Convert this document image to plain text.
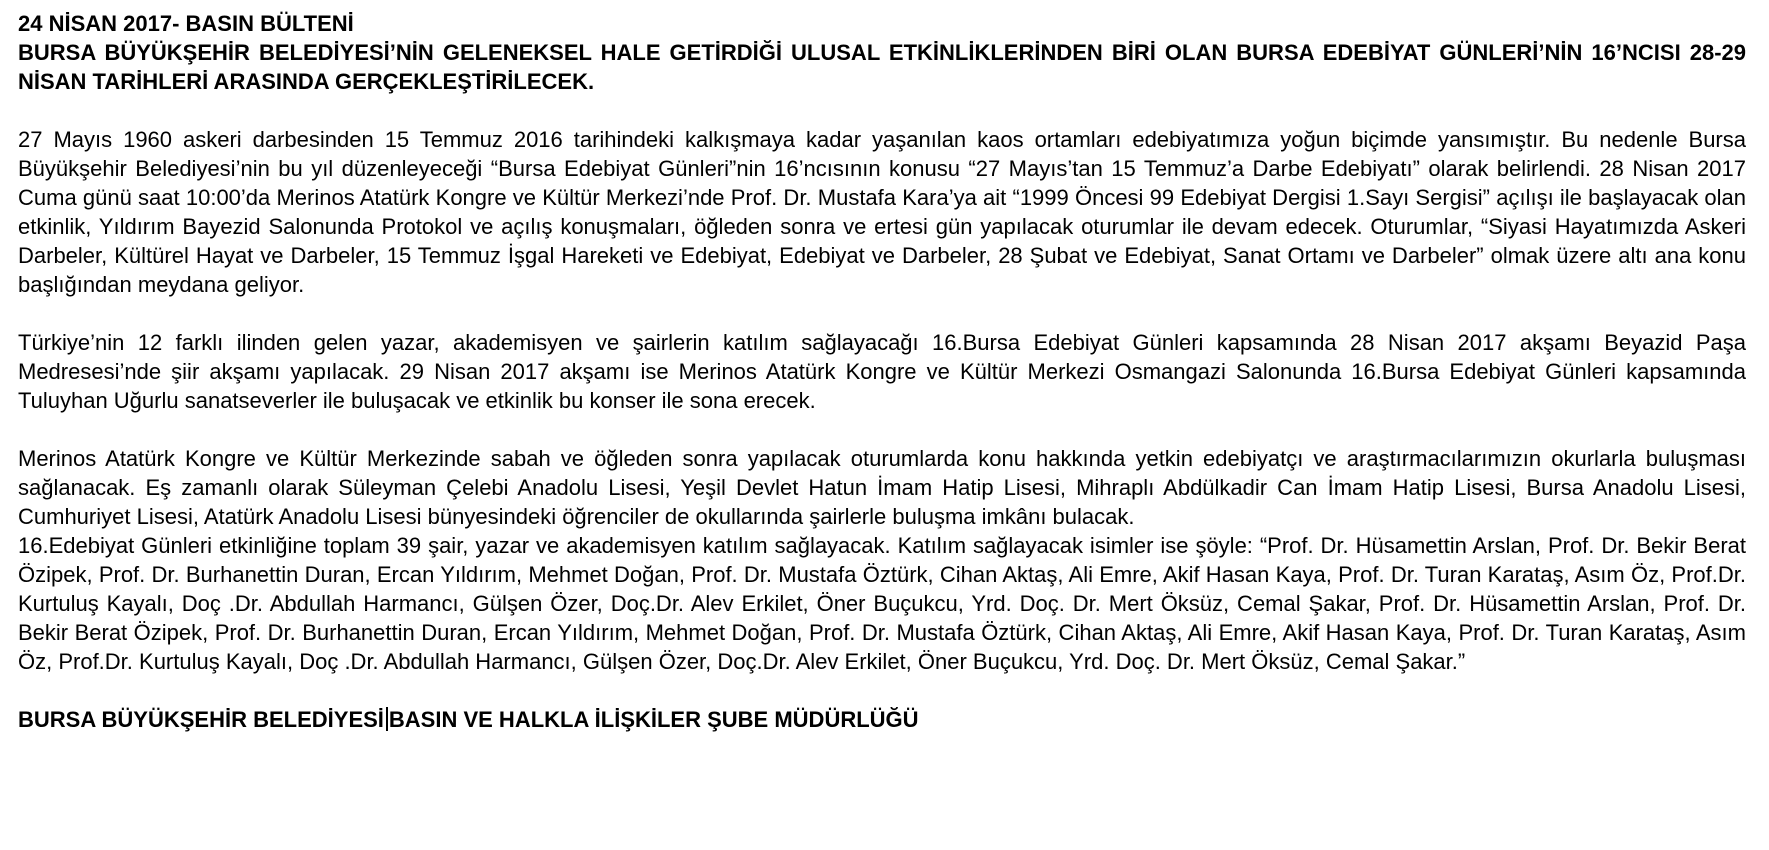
24 NİSAN 2017- BASIN BÜLTENİ

BURSA BÜYÜKŞEHİR BELEDİYESİ’NİN GELENEKSEL HALE GETİRDİĞİ ULUSAL ETKİNLİKLERİNDEN BİRİ OLAN BURSA EDEBİYAT GÜNLERİ’NİN 16’NCISI 28-29 NİSAN TARİHLERİ ARASINDA GERÇEKLEŞTİRİLECEK.

27 Mayıs 1960 askeri darbesinden 15 Temmuz 2016 tarihindeki kalkışmaya kadar yaşanılan kaos ortamları edebiyatımıza yoğun biçimde yansımıştır. Bu nedenle Bursa Büyükşehir Belediyesi’nin bu yıl düzenleyeceği “Bursa Edebiyat Günleri”nin 16’ncısının konusu “27 Mayıs’tan 15 Temmuz’a Darbe Edebiyatı” olarak belirlendi. 28 Nisan 2017 Cuma günü saat 10:00’da Merinos Atatürk Kongre ve Kültür Merkezi’nde Prof. Dr. Mustafa Kara’ya ait “1999 Öncesi 99 Edebiyat Dergisi 1.Sayı Sergisi” açılışı ile başlayacak olan etkinlik, Yıldırım Bayezid Salonunda Protokol ve açılış konuşmaları, öğleden sonra ve ertesi gün yapılacak oturumlar ile devam edecek. Oturumlar, “Siyasi Hayatımızda Askeri Darbeler, Kültürel Hayat ve Darbeler, 15 Temmuz İşgal Hareketi ve Edebiyat, Edebiyat ve Darbeler, 28 Şubat ve Edebiyat, Sanat Ortamı ve Darbeler” olmak üzere altı ana konu başlığından meydana geliyor.

Türkiye’nin 12 farklı ilinden gelen yazar, akademisyen ve şairlerin katılım sağlayacağı 16.Bursa Edebiyat Günleri kapsamında 28 Nisan 2017 akşamı Beyazid Paşa Medresesi’nde şiir akşamı yapılacak. 29 Nisan 2017 akşamı ise Merinos Atatürk Kongre ve Kültür Merkezi Osmangazi Salonunda 16.Bursa Edebiyat Günleri kapsamında Tuluyhan Uğurlu sanatseverler ile buluşacak ve etkinlik bu konser ile sona erecek.

Merinos Atatürk Kongre ve Kültür Merkezinde sabah ve öğleden sonra yapılacak oturumlarda konu hakkında yetkin edebiyatçı ve araştırmacılarımızın okurlarla buluşması sağlanacak. Eş zamanlı olarak Süleyman Çelebi Anadolu Lisesi, Yeşil Devlet Hatun İmam Hatip Lisesi, Mihraplı Abdülkadir Can İmam Hatip Lisesi, Bursa Anadolu Lisesi, Cumhuriyet Lisesi, Atatürk Anadolu Lisesi bünyesindeki öğrenciler de okullarında şairlerle buluşma imkânı bulacak.

16.Edebiyat Günleri etkinliğine toplam 39 şair, yazar ve akademisyen katılım sağlayacak. Katılım sağlayacak isimler ise şöyle: “Prof. Dr. Hüsamettin Arslan, Prof. Dr. Bekir Berat Özipek, Prof. Dr. Burhanettin Duran, Ercan Yıldırım, Mehmet Doğan, Prof. Dr. Mustafa Öztürk, Cihan Aktaş, Ali Emre, Akif Hasan Kaya, Prof. Dr. Turan Karataş, Asım Öz, Prof.Dr. Kurtuluş Kayalı, Doç .Dr. Abdullah Harmancı, Gülşen Özer, Doç.Dr. Alev Erkilet, Öner Buçukcu, Yrd. Doç. Dr. Mert Öksüz, Cemal Şakar, Prof. Dr. Hüsamettin Arslan, Prof. Dr. Bekir Berat Özipek, Prof. Dr. Burhanettin Duran, Ercan Yıldırım, Mehmet Doğan, Prof. Dr. Mustafa Öztürk, Cihan Aktaş, Ali Emre, Akif Hasan Kaya, Prof. Dr. Turan Karataş, Asım Öz, Prof.Dr. Kurtuluş Kayalı, Doç .Dr. Abdullah Harmancı, Gülşen Özer, Doç.Dr. Alev Erkilet, Öner Buçukcu, Yrd. Doç. Dr. Mert Öksüz, Cemal Şakar.”

BURSA BÜYÜKŞEHİR BELEDİYESİ BASIN VE HALKLA İLİŞKİLER ŞUBE MÜDÜRLÜĞÜ
